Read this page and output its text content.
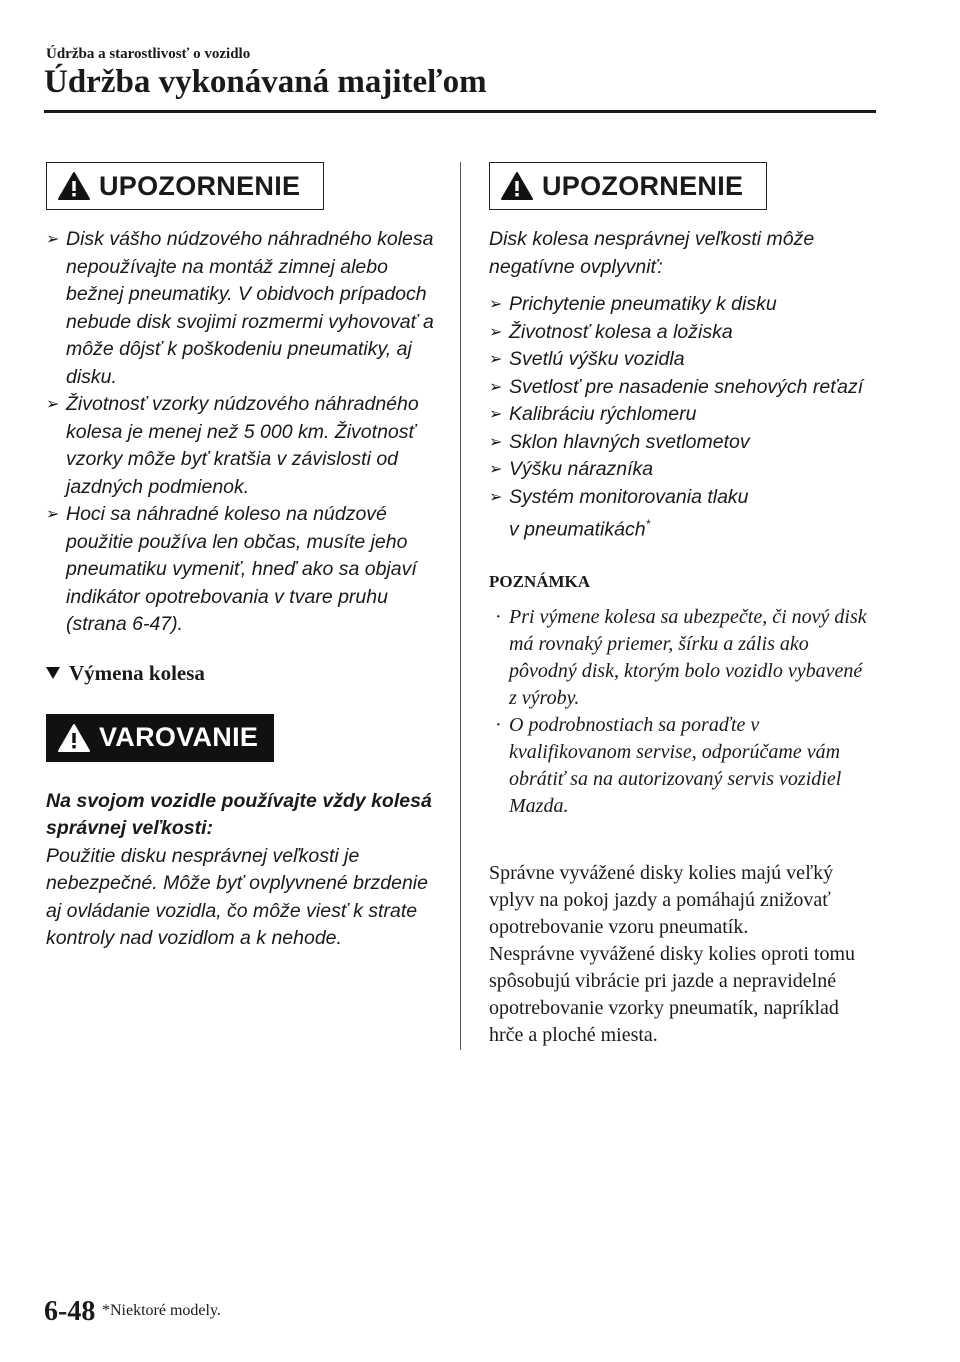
Údržba a starostlivosť o vozidlo
Údržba vykonávaná majiteľom
UPOZORNENIE
➢ Disk vášho núdzového náhradného kolesa nepoužívajte na montáž zimnej alebo bežnej pneumatiky. V obidvoch prípadoch nebude disk svojimi rozmermi vyhovovať a môže dôjsť k poškodeniu pneumatiky, aj disku.
➢ Životnosť vzorky núdzového náhradného kolesa je menej než 5 000 km. Životnosť vzorky môže byť kratšia v závislosti od jazdných podmienok.
➢ Hoci sa náhradné koleso na núdzové použitie používa len občas, musíte jeho pneumatiku vymeniť, hneď ako sa objaví indikátor opotrebovania v tvare pruhu (strana 6-47).
Výmena kolesa
VAROVANIE
Na svojom vozidle používajte vždy kolesá správnej veľkosti:
Použitie disku nesprávnej veľkosti je nebezpečné. Môže byť ovplyvnené brzdenie aj ovládanie vozidla, čo môže viesť k strate kontroly nad vozidlom a k nehode.
UPOZORNENIE
Disk kolesa nesprávnej veľkosti môže negatívne ovplyvniť:
➢ Prichytenie pneumatiky k disku
➢ Životnosť kolesa a ložiska
➢ Svetlú výšku vozidla
➢ Svetlosť pre nasadenie snehových reťazí
➢ Kalibráciu rýchlomeru
➢ Sklon hlavných svetlometov
➢ Výšku nárazníka
➢ Systém monitorovania tlaku v pneumatikách*
POZNÁMKA
· Pri výmene kolesa sa ubezpečte, či nový disk má rovnaký priemer, šírku a zális ako pôvodný disk, ktorým bolo vozidlo vybavené z výroby.
· O podrobnostiach sa poraďte v kvalifikovanom servise, odporúčame vám obrátiť sa na autorizovaný servis vozidiel Mazda.

Správne vyvážené disky kolies majú veľký vplyv na pokoj jazdy a pomáhajú znižovať opotrebovanie vzoru pneumatík.

Nesprávne vyvážené disky kolies oproti tomu spôsobujú vibrácie pri jazde a nepravidelné opotrebovanie vzorky pneumatík, napríklad hrče a ploché miesta.

6-48 *Niektoré modely.
